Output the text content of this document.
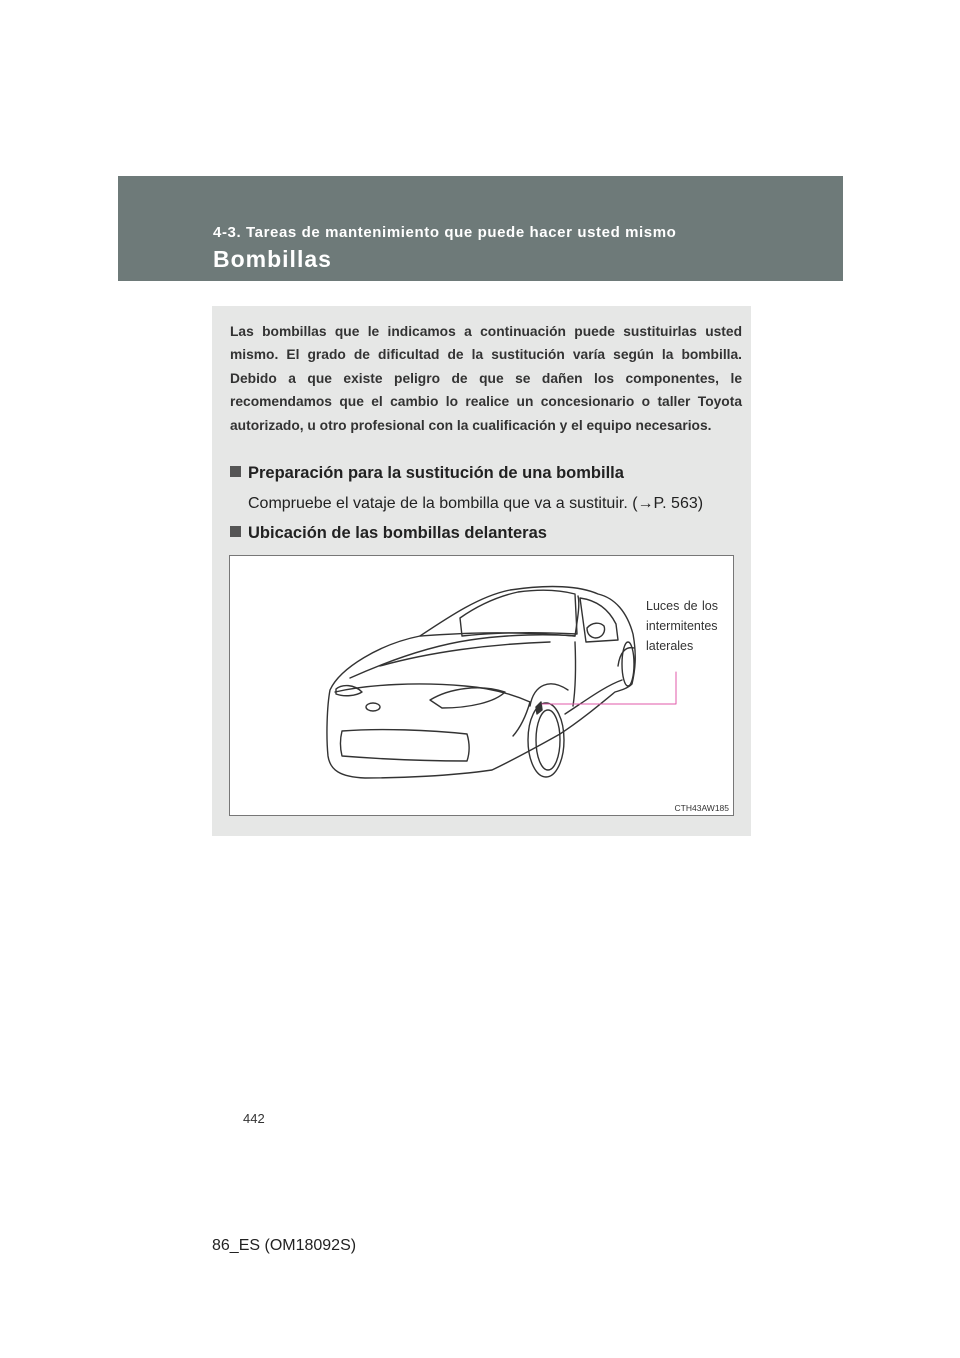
4-3. Tareas de mantenimiento que puede hacer usted mismo
Bombillas
Las bombillas que le indicamos a continuación puede sustituirlas usted mismo. El grado de dificultad de la sustitución varía según la bombilla. Debido a que existe peligro de que se dañen los componentes, le recomendamos que el cambio lo realice un concesionario o taller Toyota autorizado, u otro profesional con la cualificación y el equipo necesarios.
Preparación para la sustitución de una bombilla
Compruebe el vataje de la bombilla que va a sustituir. (→P. 563)
Ubicación de las bombillas delanteras
Luces de los intermitentes laterales
CTH43AW185
442
86_ES (OM18092S)
